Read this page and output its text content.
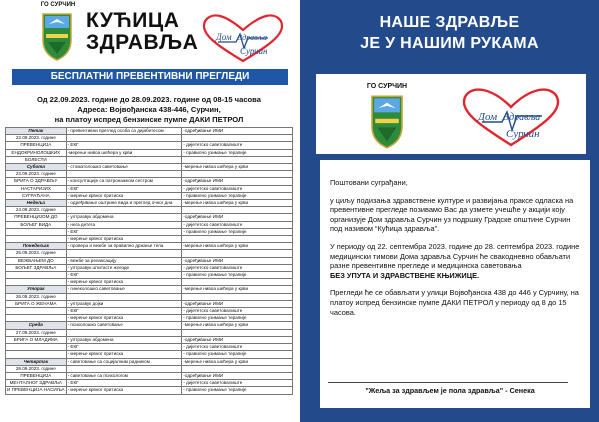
ГО СУРЧИН
КУЋИЦА
ЗДРАВЉА Дом Здравља
Сурчин
БЕСПЛАТНИ ПРЕВЕНТИВНИ ПРЕГЛЕДИ
Од 22.09.2023. године до 28.09.2023. године од 08-15 часова
Адреса: Војвођанска 438-446, Сурчин,
на платоу испред бензинске пумпе ДАКИ ПЕТРОЛ
Петак	- превентивни преглед особа са дијабетесом	-одређивање ИМИ
22.09.2023. године		
ПРЕВЕНЦИЈА	- ЕКГ	- дијететско саветовалиште
ЕНДОКРИНОЛОШКИХ	-мерење нивоа шећера у крви	- правилно узимање терапије
БОЛЕСТИ		
Субота	- стоматолошко саветовање	-мерење нивоа шећера у крви
23.09.2023. године		
БРИГА О ЗДРАВЉУ	- консултације са патронажном сестром	-одређивање ИМИ
НАСТАРИЈИХ	- ЕКГ	- дијететско саветовалиште
СУГРАЂАНА	- мерење крвног притиска	- правилно узимање терапије
Недеља	- одређивање оштрине вида и преглед очног дна	-мерење нивоа шећера у крви
24.09.2023. године		
ПРЕВЕНЦИЈОМ ДО	- ултразвук абдомена	-одређивање ИМИ
БОЉЕГ ВИДА	- нега детета	- дијететско саветовалиште
	- ЕКГ	- правилно узимање терапије
	- мерење крвног притиска	
Понедељак	- провера и вежбе за правилно држање тела	-мерење нивоа шећера у крви
25.09.2023. године		
ВЕЖБАЊЕМ ДО	- вежбе за релаксацију	-одређивање ИМИ
БОЉЕГ ЗДРАВЉА	- ултразвук штитасте жлезде	- дијететско саветовалиште
	- ЕКГ	- правилно узимање терапије
	- мерење крвног притиска	
Уторак	- гинеколошко саветовање	-мерење нивоа шећера у крви
26.09.2023. године		
БРИГА О ЖЕНАМА	- ултразвук дојки	-одређивање ИМИ
	- ЕКГ	- дијететско саветовалиште
	- мерење крвног притиска	- правилно узимање терапије
Среда	- психолошко саветовање	-мерење нивоа шећера у крви
27.09.2023. године		
БРИГА О МЛАДИМА	- ултразвук абдомена	-одређивање ИМИ
	- ЕКГ	- дијететско саветовалиште
	- мерење крвног притиска	- правилно узимање терапије
Четвртак	- саветовање са социјалним радником	-мерење нивоа шећера у крви
28.09.2023. године		
ПРЕВЕНЦИЈА	- саветовање са психологом	-одређивање ИМИ
МЕНТАЛНОГ ЗДРАВЉА	- ЕКГ	- дијететско саветовалиште
И ПРЕВЕНЦИЈА НАСИЉА	- мерење крвног притиска	- правилно узимање терапије
НАШЕ ЗДРАВЉЕ
ЈЕ У НАШИМ РУКАМА
ГО СУРЧИН
Дом Здравља
Сурчин

Поштовани суграђани,

у циљу подизања здравствене културе и развијања праксе одласка на превентивне прегледе позивамо Вас да узмете учешће у акцији коју организује Дом здравља Сурчин уз подршку Градске општине Сурчин под називом “Кућица здравља”.

У периоду од 22. септембра 2023. године до 28. септембра 2023. године медицински тимови Дома здравља Сурчин ће свакодневно обављати разне превентивне прегледе и медицинска саветовања
БЕЗ УПУТА И ЗДРАВСТВЕНЕ КЊИЖИЦЕ.

Прегледи ће се обављати у улици Војвођанска 438 до 446 у Сурчину, на платоу испред бензинске пумпе ДАКИ ПЕТРОЛ у периоду од 8 до 15 часова.

"Жеља за здрављем је пола здравља" - Сенека
